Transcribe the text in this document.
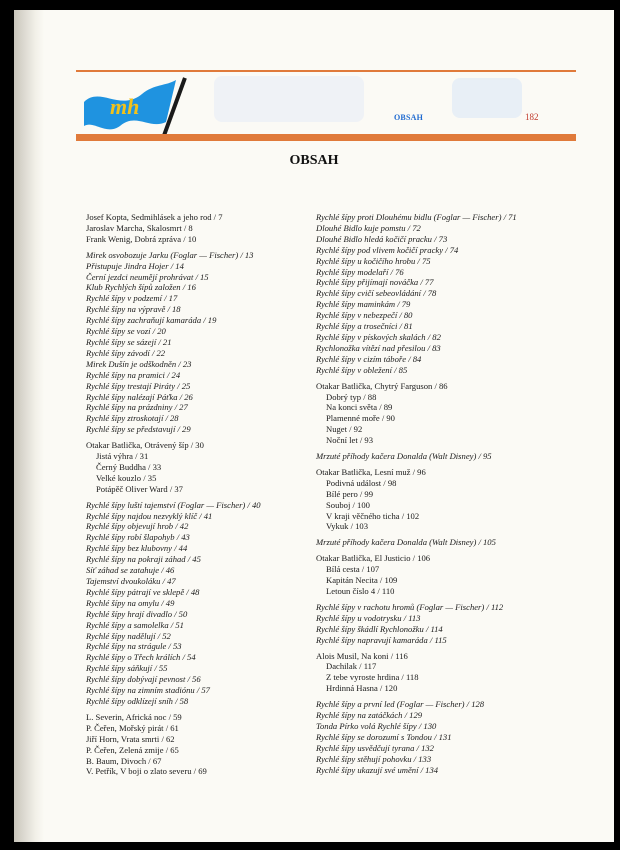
mh	OBSAH	182
OBSAH
Josef Kopta, Sedmihlásek a jeho rod / 7
Jaroslav Marcha, Skalosmrt / 8
Frank Wenig, Dobrá zpráva / 10
Mirek osvobozuje Jarku (Foglar — Fischer) / 13
Přistupuje Jindra Hojer / 14
Černí jezdci neumějí prohrávat / 15
Klub Rychlých šípů založen / 16
Rychlé šípy v podzemí / 17
Rychlé šípy na výpravě / 18
Rychlé šípy zachraňují kamaráda / 19
Rychlé šípy se vozí / 20
Rychlé šípy se sázejí / 21
Rychlé šípy závodí / 22
Mirek Dušín je odškodněn / 23
Rychlé šípy na pramici / 24
Rychlé šípy trestají Piráty / 25
Rychlé šípy nalézají Páťka / 26
Rychlé šípy na prázdniny / 27
Rychlé šípy ztroskotají / 28
Rychlé šípy se představují / 29
Otakar Batlička, Otrávený šíp / 30
Jistá výhra / 31
Černý Buddha / 33
Velké kouzlo / 35
Potápěč Oliver Ward / 37
Rychlé šípy luští tajemství (Foglar — Fischer) / 40
Rychlé šípy najdou nezvyklý klíč / 41
Rychlé šípy objevují hrob / 42
Rychlé šípy robí šlapohyb / 43
Rychlé šípy bez klubovny / 44
Rychlé šípy na pokraji záhad / 45
Síť záhad se zatahuje / 46
Tajemství dvoukoláku / 47
Rychlé šípy pátrají ve sklepě / 48
Rychlé šípy na omylu / 49
Rychlé šípy hrají divadlo / 50
Rychlé šípy a samolelka / 51
Rychlé šípy nadělují / 52
Rychlé šípy na strágule / 53
Rychlé šípy o Třech králích / 54
Rychlé šípy sáňkují / 55
Rychlé šípy dobývají pevnost / 56
Rychlé šípy na zimním stadiónu / 57
Rychlé šípy odklízejí sníh / 58
L. Severin, Africká noc / 59
P. Čeřen, Mořský pirát / 61
Jiří Horn, Vrata smrti / 62
P. Čeřen, Zelená zmije / 65
B. Baum, Divoch / 67
V. Petřík, V boji o zlato severu / 69
Rychlé šípy proti Dlouhému bidlu (Foglar — Fischer) / 71
Dlouhé Bidlo kuje pomstu / 72
Dlouhé Bidlo hledá kočičí pracku / 73
Rychlé šípy pod vlivem kočičí pracky / 74
Rychlé šípy u kočičího hrobu / 75
Rychlé šípy modelaří / 76
Rychlé šípy přijímají nováčka / 77
Rychlé šípy cvičí sebeovládání / 78
Rychlé šípy maminkám / 79
Rychlé šípy v nebezpečí / 80
Rychlé šípy a trosečníci / 81
Rychlé šípy v pískových skalách / 82
Rychlonožka vítězí nad přesilou / 83
Rychlé šípy v cizím táboře / 84
Rychlé šípy v obležení / 85
Otakar Batlička, Chytrý Farguson / 86
Dobrý typ / 88
Na konci světa / 89
Plamenné moře / 90
Nuget / 92
Noční let / 93
Mrzuté příhody kačera Donalda (Walt Disney) / 95
Otakar Batlička, Lesní muž / 96
Podivná událost / 98
Bílé pero / 99
Souboj / 100
V kraji věčného ticha / 102
Vykuk / 103
Mrzuté příhody kačera Donalda (Walt Disney) / 105
Otakar Batlička, El Justicio / 106
Bílá cesta / 107
Kapitán Necita / 109
Letoun číslo 4 / 110
Rychlé šípy v rachotu hromů (Foglar — Fischer) / 112
Rychlé šípy u vodotrysku / 113
Rychlé šípy škádlí Rychlonožku / 114
Rychlé šípy napravují kamaráda / 115
Alois Musil, Na koni / 116
Dachilak / 117
Z tebe vyroste hrdina / 118
Hrdinná Hasna / 120
Rychlé šípy a první led (Foglar — Fischer) / 128
Rychlé šípy na zatáčkách / 129
Tonda Pírko volá Rychlé šípy / 130
Rychlé šípy se dorozumí s Tondou / 131
Rychlé šípy usvědčují tyrana / 132
Rychlé šípy stěhují pohovku / 133
Rychlé šípy ukazují své umění / 134
